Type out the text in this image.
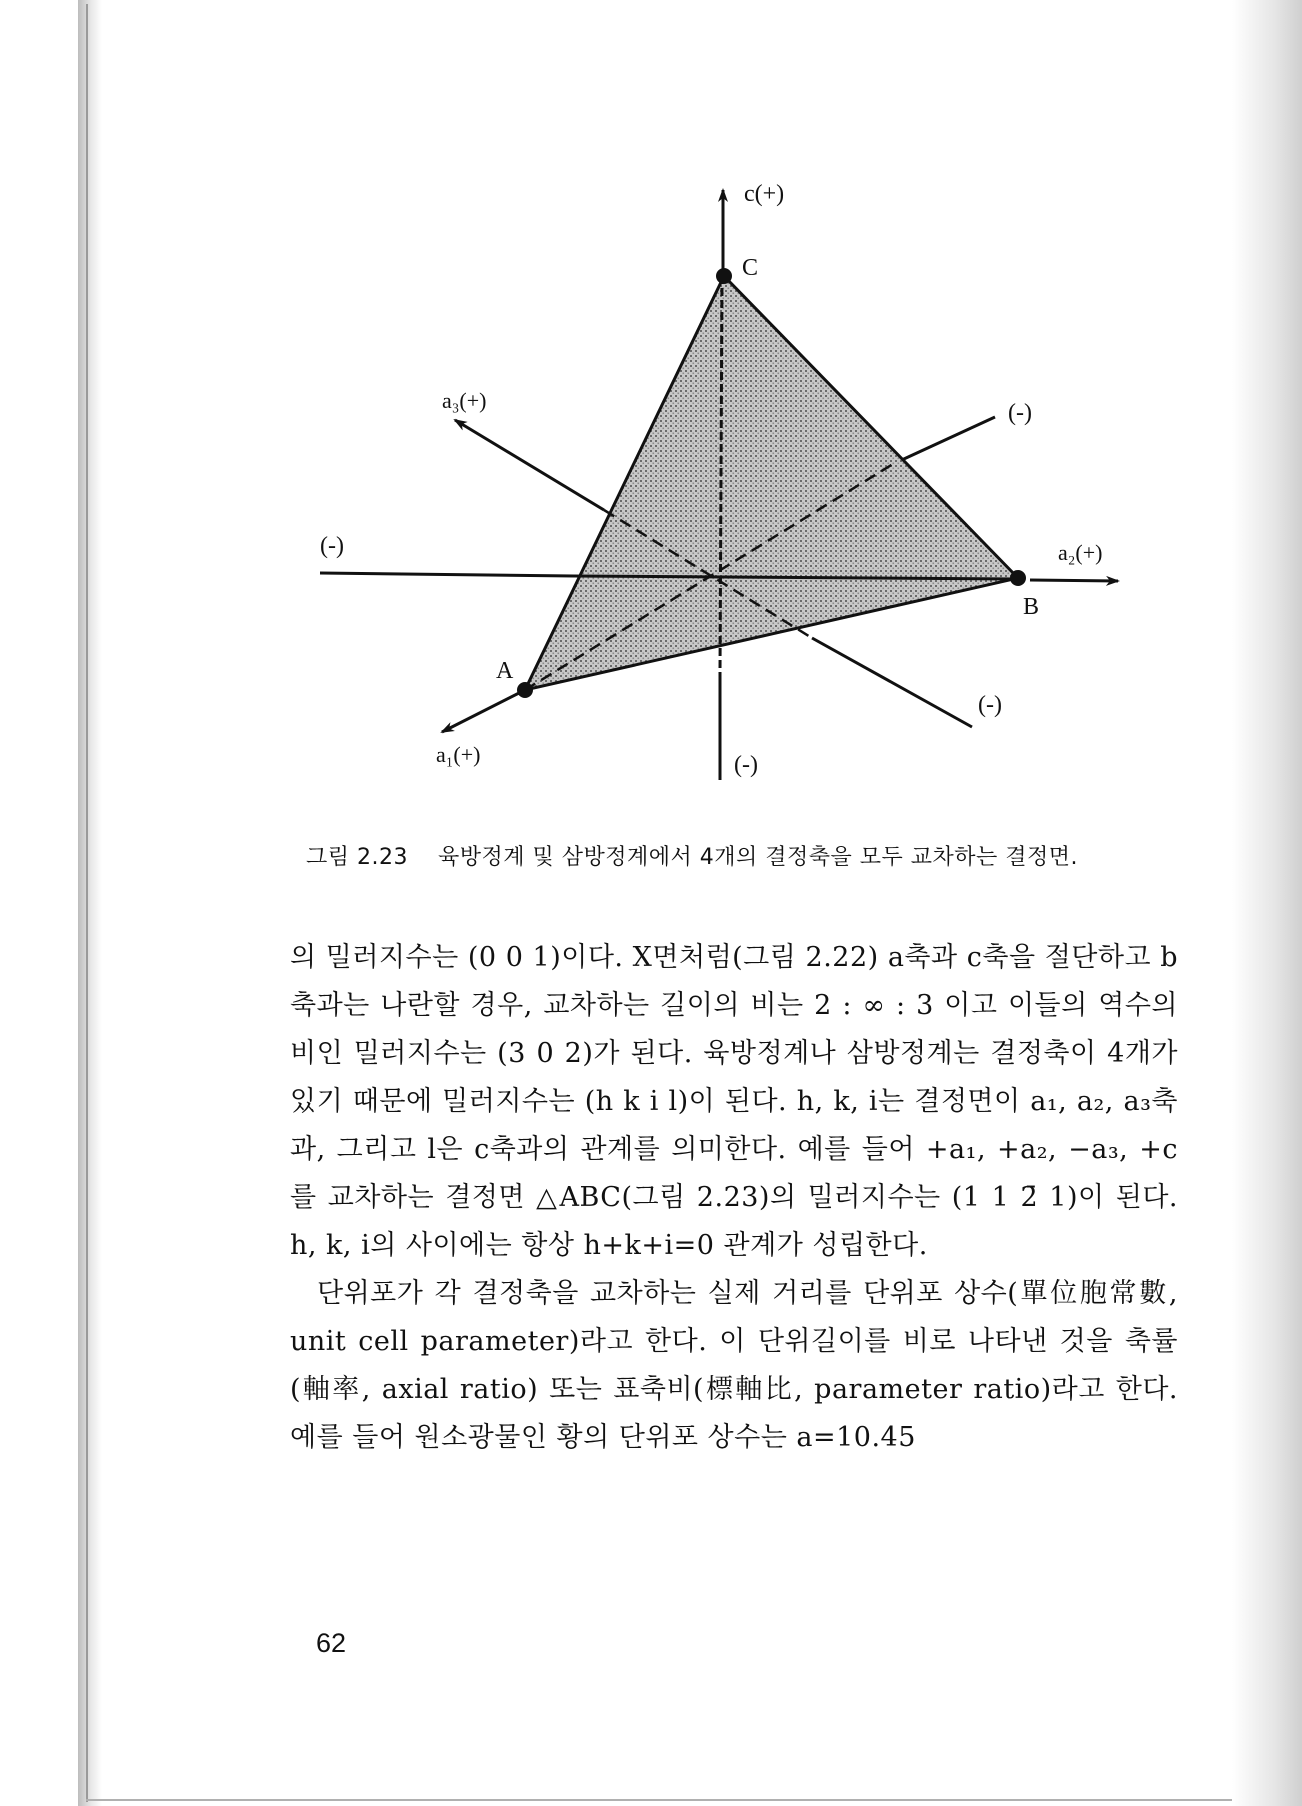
c(+)
C
a₃(+)	(-)
(-)	a₂(+)
B
A
(-)
a₁(+)	(-)
그림 2.23 육방정계 및 삼방정계에서 4개의 결정축을 모두 교차하는 결정면.

의 밀러지수는 (0 0 1)이다. X면처럼(그림 2.22) a축과 c축을 절단하고 b축과는 나란할 경우, 교차하는 길이의 비는 2 : ∞ : 3 이고 이들의 역수의 비인 밀러지수는 (3 0 2)가 된다. 육방정계나 삼방정계는 결정축이 4개가 있기 때문에 밀러지수는 (h k i l)이 된다. h, k, i는 결정면이 a₁, a₂, a₃축과, 그리고 l은 c축과의 관계를 의미한다. 예를 들어 +a₁, +a₂, −a₃, +c를 교차하는 결정면 △ABC(그림 2.23)의 밀러지수는 (1 1 2̄ 1)이 된다. h, k, i의 사이에는 항상 h+k+i=0 관계가 성립한다.

단위포가 각 결정축을 교차하는 실제 거리를 단위포 상수(單位胞常數, unit cell parameter)라고 한다. 이 단위길이를 비로 나타낸 것을 축률(軸率, axial ratio) 또는 표축비(標軸比, parameter ratio)라고 한다. 예를 들어 원소광물인 황의 단위포 상수는 a=10.45

62
